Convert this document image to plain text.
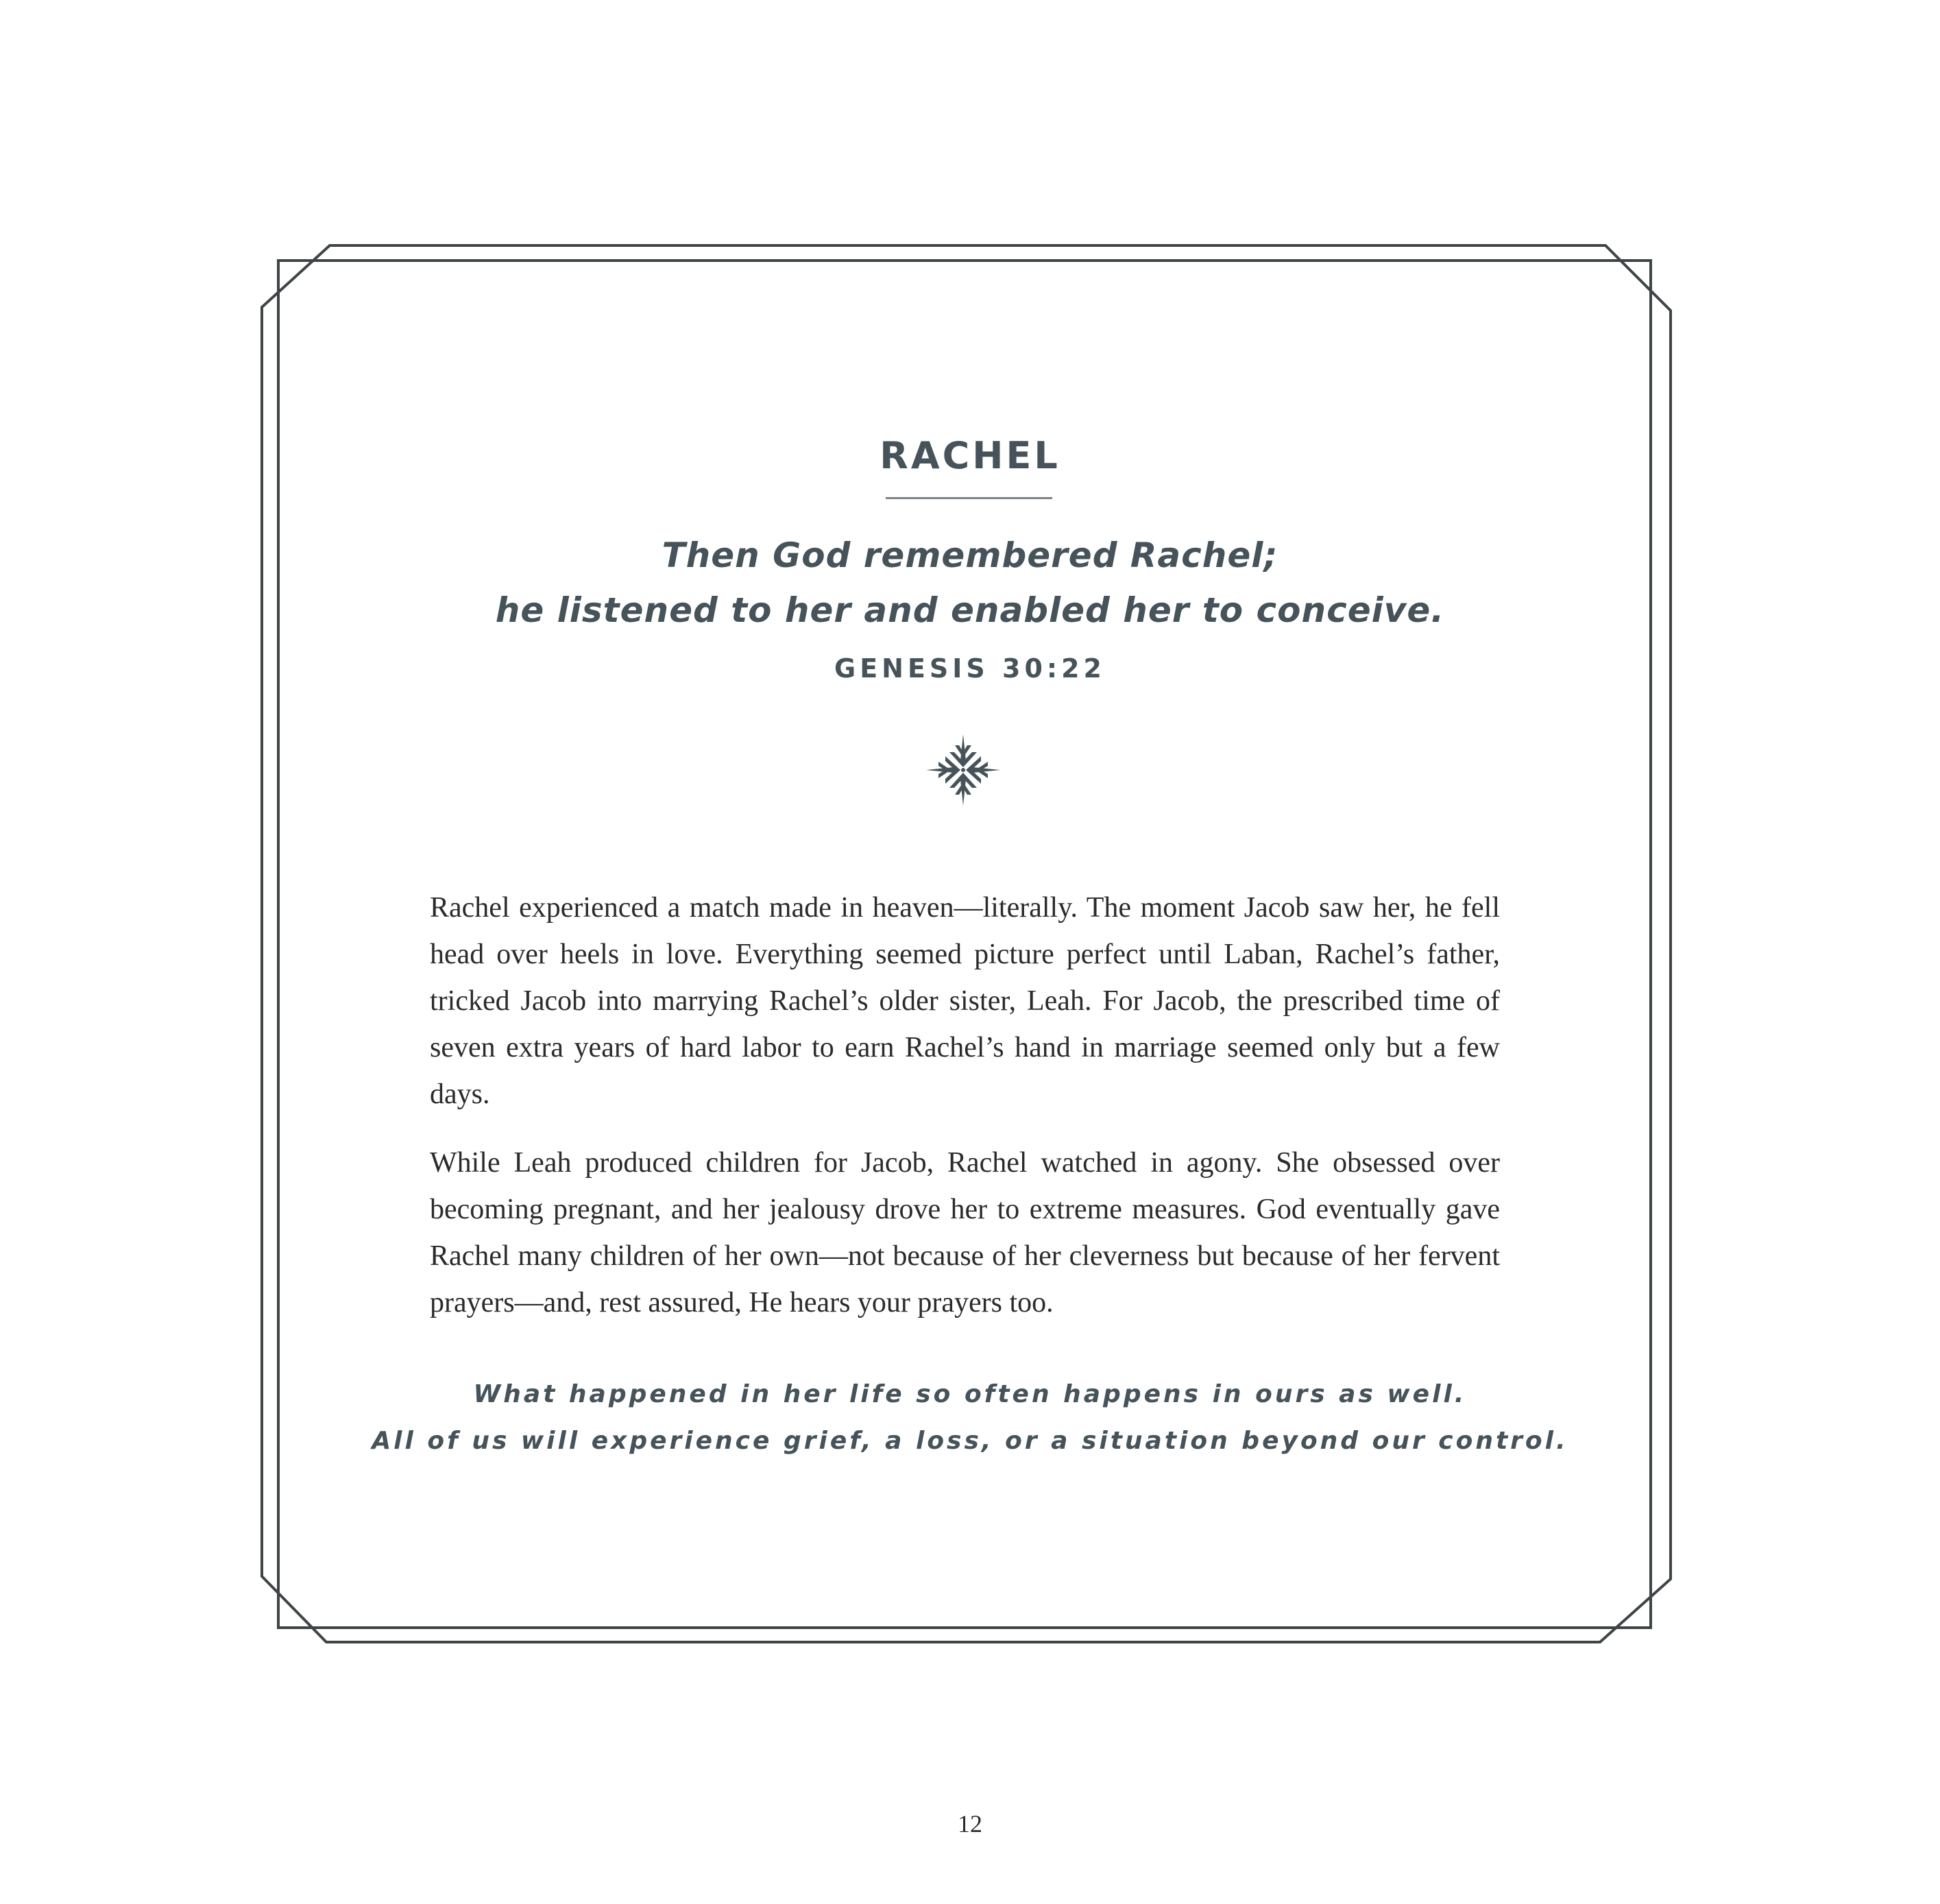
RACHEL
Then God remembered Rachel;
he listened to her and enabled her to conceive.
GENESIS 30:22

Rachel experienced a match made in heaven—literally. The moment Jacob saw her, he fell head over heels in love. Everything seemed picture perfect until Laban, Rachel’s father, tricked Jacob into marrying Rachel’s older sister, Leah. For Jacob, the prescribed time of seven extra years of hard labor to earn Rachel’s hand in marriage seemed only but a few days.

While Leah produced children for Jacob, Rachel watched in agony. She obsessed over becoming pregnant, and her jealousy drove her to extreme measures. God eventually gave Rachel many children of her own—not because of her cleverness but because of her fervent prayers—and, rest assured, He hears your prayers too.

What happened in her life so often happens in ours as well.
All of us will experience grief, a loss, or a situation beyond our control.
12
